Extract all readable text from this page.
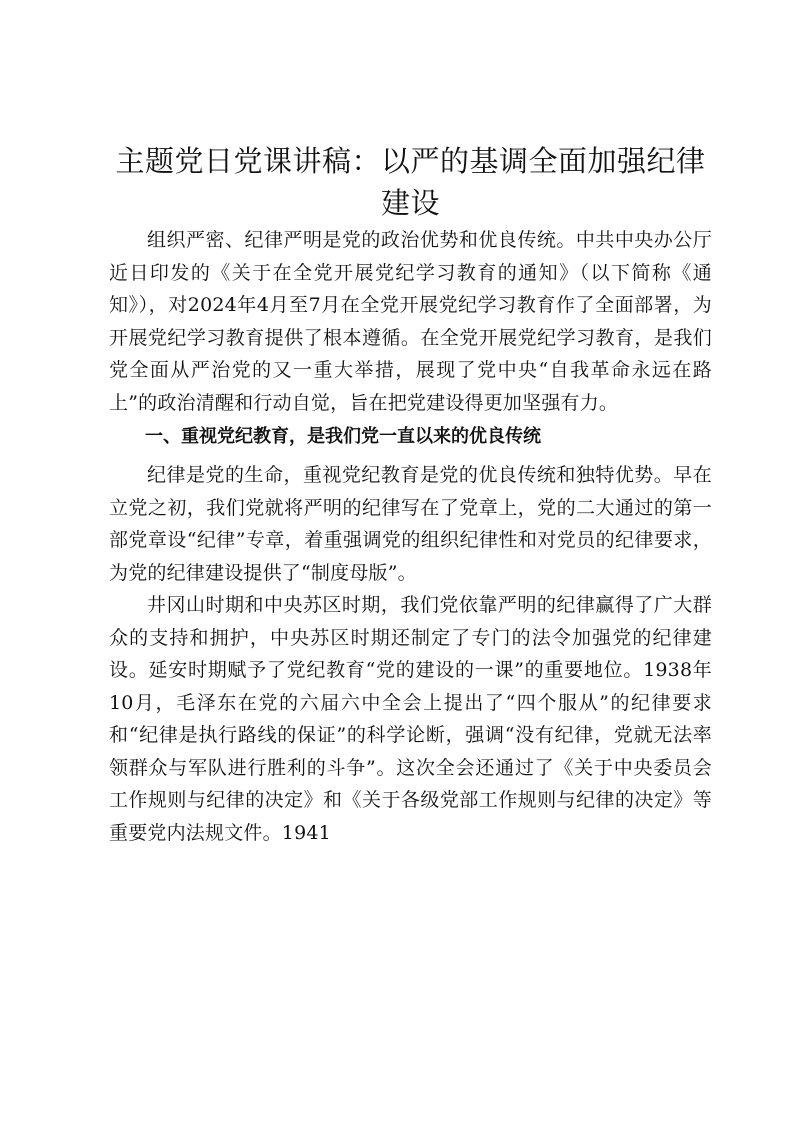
主题党日党课讲稿：以严的基调全面加强纪律建设

组织严密、纪律严明是党的政治优势和优良传统。中共中央办公厅近日印发的《关于在全党开展党纪学习教育的通知》（以下简称《通知》），对2024年4月至7月在全党开展党纪学习教育作了全面部署，为开展党纪学习教育提供了根本遵循。在全党开展党纪学习教育，是我们党全面从严治党的又一重大举措，展现了党中央“自我革命永远在路上”的政治清醒和行动自觉，旨在把党建设得更加坚强有力。

一、重视党纪教育，是我们党一直以来的优良传统

纪律是党的生命，重视党纪教育是党的优良传统和独特优势。早在立党之初，我们党就将严明的纪律写在了党章上，党的二大通过的第一部党章设“纪律”专章，着重强调党的组织纪律性和对党员的纪律要求，为党的纪律建设提供了“制度母版”。

井冈山时期和中央苏区时期，我们党依靠严明的纪律赢得了广大群众的支持和拥护，中央苏区时期还制定了专门的法令加强党的纪律建设。延安时期赋予了党纪教育“党的建设的一课”的重要地位。1938年10月，毛泽东在党的六届六中全会上提出了“四个服从”的纪律要求和“纪律是执行路线的保证”的科学论断，强调“没有纪律，党就无法率领群众与军队进行胜利的斗争”。这次全会还通过了《关于中央委员会工作规则与纪律的决定》和《关于各级党部工作规则与纪律的决定》等重要党内法规文件。1941
